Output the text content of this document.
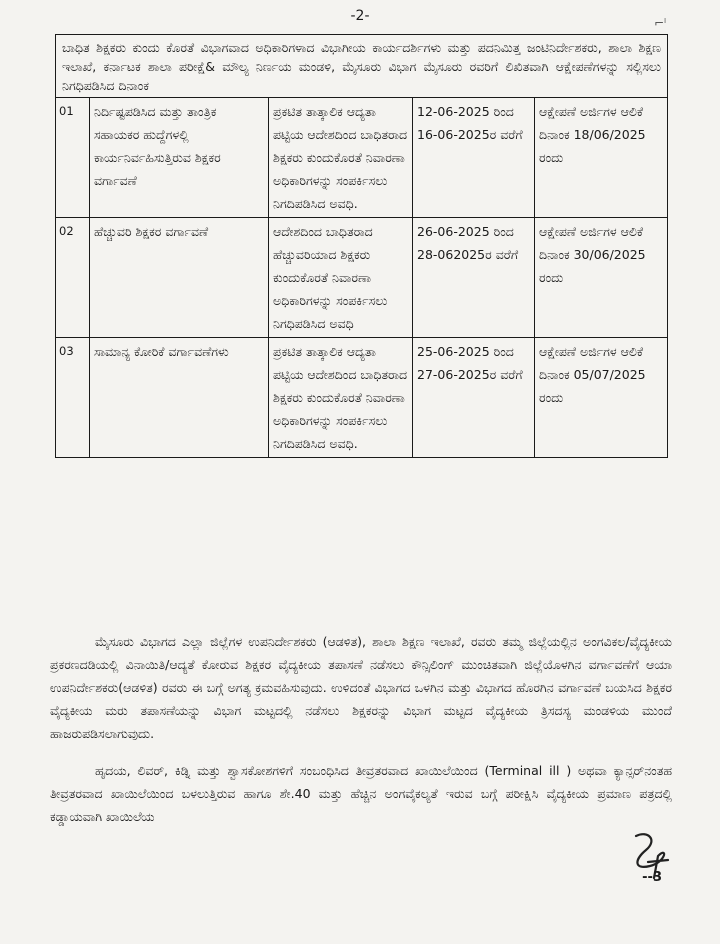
-2-	⌐ˡ
ಬಾಧಿತ ಶಿಕ್ಷಕರು ಕುಂದು ಕೊರತೆ ವಿಭಾಗವಾದ ಅಧಿಕಾರಿಗಳಾದ ವಿಭಾಗೀಯ ಕಾರ್ಯದರ್ಶಿಗಳು ಮತ್ತು ಪದನಿಮಿತ್ತ ಜಂಟಿನಿರ್ದೇಶಕರು, ಶಾಲಾ ಶಿಕ್ಷಣ ಇಲಾಖೆ, ಕರ್ನಾಟಕ ಶಾಲಾ ಪರೀಕ್ಷೆ& ಮೌಲ್ಯ ನಿರ್ಣಯ ಮಂಡಳಿ, ಮೈಸೂರು ವಿಭಾಗ ಮೈಸೂರು ರವರಿಗೆ ಲಿಖಿತವಾಗಿ ಆಕ್ಷೇಪಣೆಗಳನ್ನು ಸಲ್ಲಿಸಲು ನಿಗಧಿಪಡಿಸಿದ ದಿನಾಂಕ
01	ನಿರ್ದಿಷ್ಟಪಡಿಸಿದ ಮತ್ತು ತಾಂತ್ರಿಕ ಸಹಾಯಕರ ಹುದ್ದೆಗಳಲ್ಲಿ ಕಾರ್ಯನಿರ್ವಹಿಸುತ್ತಿರುವ ಶಿಕ್ಷಕರ ವರ್ಗಾವಣೆ	ಪ್ರಕಟಿತ ತಾತ್ಕಾಲಿಕ ಆದ್ಯತಾ ಪಟ್ಟಿಯ ಆದೇಶದಿಂದ ಬಾಧಿತರಾದ ಶಿಕ್ಷಕರು ಕುಂದುಕೊರತೆ ನಿವಾರಣಾ ಅಧಿಕಾರಿಗಳನ್ನು ಸಂಪರ್ಕಿಸಲು ನಿಗದಿಪಡಿಸಿದ ಅವಧಿ.	12-06-2025 ರಿಂದ 16-06-2025ರ ವರೆಗೆ	ಆಕ್ಷೇಪಣೆ ಅರ್ಜಿಗಳ ಆಲಿಕೆ ದಿನಾಂಕ 18/06/2025 ರಂದು
02	ಹೆಚ್ಚುವರಿ ಶಿಕ್ಷಕರ ವರ್ಗಾವಣೆ	ಆದೇಶದಿಂದ ಬಾಧಿತರಾದ ಹೆಚ್ಚುವರಿಯಾದ ಶಿಕ್ಷಕರು ಕುಂದುಕೊರತೆ ನಿವಾರಣಾ ಅಧಿಕಾರಿಗಳನ್ನು ಸಂಪರ್ಕಿಸಲು ನಿಗಧಿಪಡಿಸಿದ ಅವಧಿ	26-06-2025 ರಿಂದ 28-062025ರ ವರೆಗೆ	ಆಕ್ಷೇಪಣೆ ಅರ್ಜಿಗಳ ಆಲಿಕೆ ದಿನಾಂಕ 30/06/2025 ರಂದು
03	ಸಾಮಾನ್ಯ ಕೋರಿಕೆ ವರ್ಗಾವಣೆಗಳು	ಪ್ರಕಟಿತ ತಾತ್ಕಾಲಿಕ ಆದ್ಯತಾ ಪಟ್ಟಿಯ ಆದೇಶದಿಂದ ಬಾಧಿತರಾದ ಶಿಕ್ಷಕರು ಕುಂದುಕೊರತೆ ನಿವಾರಣಾ ಅಧಿಕಾರಿಗಳನ್ನು ಸಂಪರ್ಕಿಸಲು ನಿಗದಿಪಡಿಸಿದ ಅವಧಿ.	25-06-2025 ರಿಂದ 27-06-2025ರ ವರೆಗೆ	ಆಕ್ಷೇಪಣೆ ಅರ್ಜಿಗಳ ಆಲಿಕೆ ದಿನಾಂಕ 05/07/2025 ರಂದು

ಮೈಸೂರು ವಿಭಾಗದ ಎಲ್ಲಾ ಜಿಲ್ಲೆಗಳ ಉಪನಿರ್ದೇಶಕರು (ಆಡಳಿತ), ಶಾಲಾ ಶಿಕ್ಷಣ ಇಲಾಖೆ, ರವರು ತಮ್ಮ ಜಿಲ್ಲೆಯಲ್ಲಿನ ಅಂಗವಿಕಲ/ವೈದ್ಯಕೀಯ ಪ್ರಕರಣದಡಿಯಲ್ಲಿ ವಿನಾಯಿತಿ/ಆದ್ಯತೆ ಕೋರುವ ಶಿಕ್ಷಕರ ವೈದ್ಯಕೀಯ ತಪಾಸಣೆ ನಡೆಸಲು ಕೌನ್ಸಿಲಿಂಗ್ ಮುಂಚಿತವಾಗಿ ಜಿಲ್ಲೆಯೊಳಗಿನ ವರ್ಗಾವಣೆಗೆ ಆಯಾ ಉಪನಿರ್ದೇಶಕರು(ಆಡಳಿತ) ರವರು ಈ ಬಗ್ಗೆ ಅಗತ್ಯ ಕ್ರಮವಹಿಸುವುದು. ಉಳಿದಂತೆ ವಿಭಾಗದ ಒಳಗಿನ ಮತ್ತು ವಿಭಾಗದ ಹೊರಗಿನ ವರ್ಗಾವಣೆ ಬಯಸಿದ ಶಿಕ್ಷಕರ ವೈದ್ಯಕೀಯ ಮರು ತಪಾಸಣೆಯನ್ನು ವಿಭಾಗ ಮಟ್ಟದಲ್ಲಿ ನಡೆಸಲು ಶಿಕ್ಷಕರನ್ನು ವಿಭಾಗ ಮಟ್ಟದ ವೈದ್ಯಕೀಯ ತ್ರಿಸದಸ್ಯ ಮಂಡಳಿಯ ಮುಂದೆ ಹಾಜರುಪಡಿಸಲಾಗುವುದು.

ಹೃದಯ, ಲಿವರ್, ಕಿಡ್ನಿ ಮತ್ತು ಶ್ವಾಸಕೋಶಗಳಿಗೆ ಸಂಬಂಧಿಸಿದ ತೀವ್ರತರವಾದ ಖಾಯಿಲೆಯಿಂದ (Terminal ill ) ಅಥವಾ ಕ್ಯಾನ್ಸರ್‌ನಂತಹ ತೀವ್ರತರವಾದ ಖಾಯಿಲೆಯಿಂದ ಬಳಲುತ್ತಿರುವ ಹಾಗೂ ಶೇ.40 ಮತ್ತು ಹೆಚ್ಚಿನ ಅಂಗವೈಕಲ್ಯತೆ ಇರುವ ಬಗ್ಗೆ ಪರೀಕ್ಷಿಸಿ ವೈದ್ಯಕೀಯ ಪ್ರಮಾಣ ಪತ್ರದಲ್ಲಿ ಕಡ್ಡಾಯವಾಗಿ ಖಾಯಿಲೆಯ

--3
